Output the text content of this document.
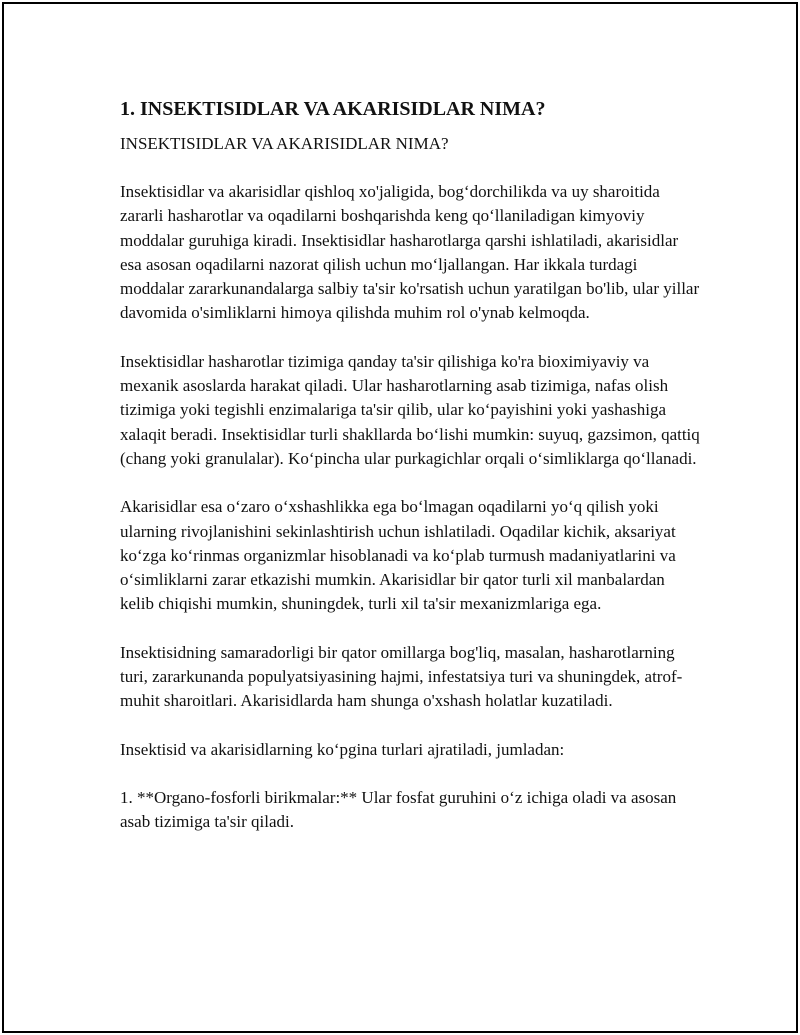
1. INSEKTISIDLAR VA AKARISIDLAR NIMA?
INSEKTISIDLAR VA AKARISIDLAR NIMA?

Insektisidlar va akarisidlar qishloq xo'jaligida, bog‘dorchilikda va uy sharoitida zararli hasharotlar va oqadilarni boshqarishda keng qo‘llaniladigan kimyoviy moddalar guruhiga kiradi. Insektisidlar hasharotlarga qarshi ishlatiladi, akarisidlar esa asosan oqadilarni nazorat qilish uchun mo‘ljallangan. Har ikkala turdagi moddalar zararkunandalarga salbiy ta'sir ko'rsatish uchun yaratilgan bo'lib, ular yillar davomida o'simliklarni himoya qilishda muhim rol o'ynab kelmoqda.

Insektisidlar hasharotlar tizimiga qanday ta'sir qilishiga ko'ra bioximiyaviy va mexanik asoslarda harakat qiladi. Ular hasharotlarning asab tizimiga, nafas olish tizimiga yoki tegishli enzimalariga ta'sir qilib, ular ko‘payishini yoki yashashiga xalaqit beradi. Insektisidlar turli shakllarda bo‘lishi mumkin: suyuq, gazsimon, qattiq (chang yoki granulalar). Ko‘pincha ular purkagichlar orqali o‘simliklarga qo‘llanadi.

Akarisidlar esa o‘zaro o‘xshashlikka ega bo‘lmagan oqadilarni yo‘q qilish yoki ularning rivojlanishini sekinlashtirish uchun ishlatiladi. Oqadilar kichik, aksariyat ko‘zga ko‘rinmas organizmlar hisoblanadi va ko‘plab turmush madaniyatlarini va o‘simliklarni zarar etkazishi mumkin. Akarisidlar bir qator turli xil manbalardan kelib chiqishi mumkin, shuningdek, turli xil ta'sir mexanizmlariga ega.

Insektisidning samaradorligi bir qator omillarga bog'liq, masalan, hasharotlarning turi, zararkunanda populyatsiyasining hajmi, infestatsiya turi va shuningdek, atrof-muhit sharoitlari. Akarisidlarda ham shunga o'xshash holatlar kuzatiladi.

Insektisid va akarisidlarning ko‘pgina turlari ajratiladi, jumladan:

1. **Organo-fosforli birikmalar:** Ular fosfat guruhini o‘z ichiga oladi va asosan asab tizimiga ta'sir qiladi.
